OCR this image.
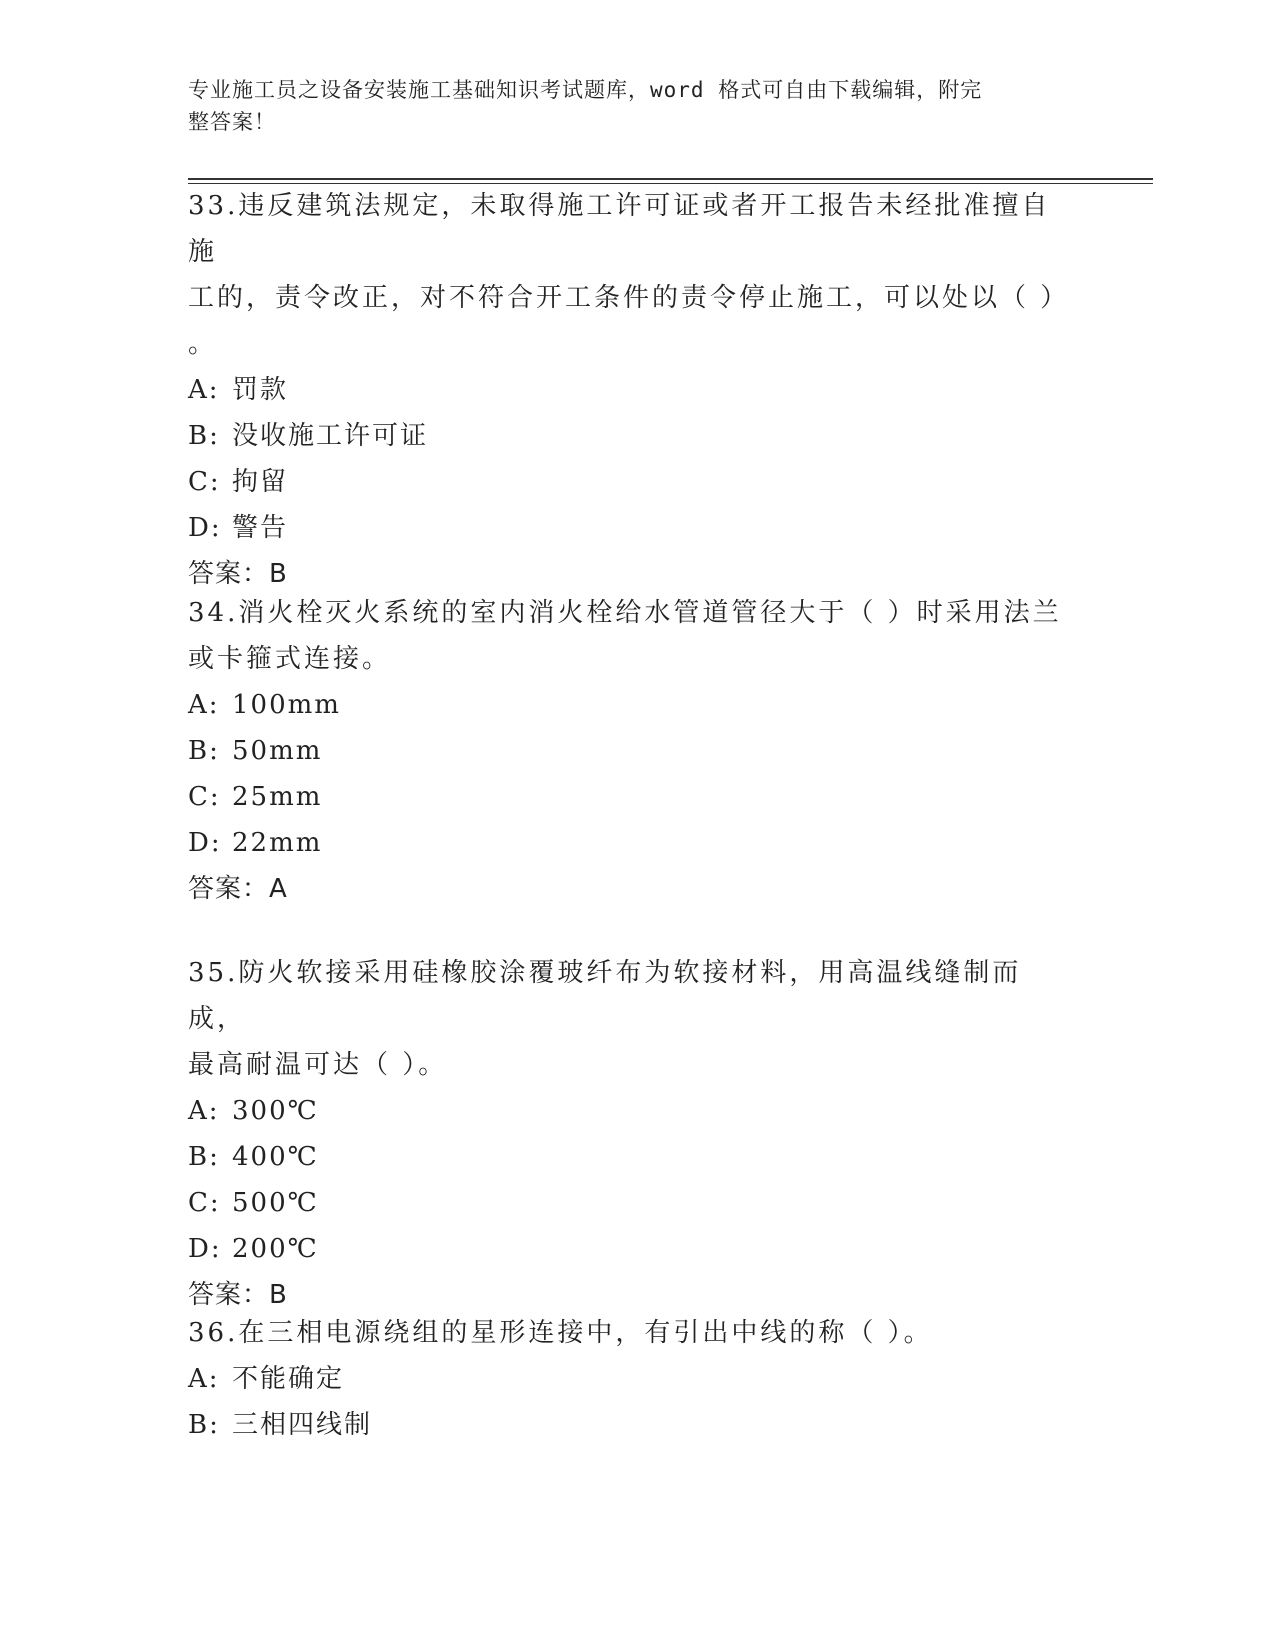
专业施工员之设备安装施工基础知识考试题库，word 格式可自由下载编辑，附完
整答案！

33.违反建筑法规定，未取得施工许可证或者开工报告未经批准擅自施

工的，责令改正，对不符合开工条件的责令停止施工，可以处以（ ）

。

A: 罚款

B: 没收施工许可证

C: 拘留

D: 警告

答案：B

34.消火栓灭火系统的室内消火栓给水管道管径大于（ ）时采用法兰

或卡箍式连接。

A: 100mm

B: 50mm

C: 25mm

D: 22mm

答案：A

35.防火软接采用硅橡胶涂覆玻纤布为软接材料，用高温线缝制而成，

最高耐温可达（ ）。

A: 300℃

B: 400℃

C: 500℃

D: 200℃

答案：B

36.在三相电源绕组的星形连接中，有引出中线的称（ ）。

A: 不能确定

B: 三相四线制
